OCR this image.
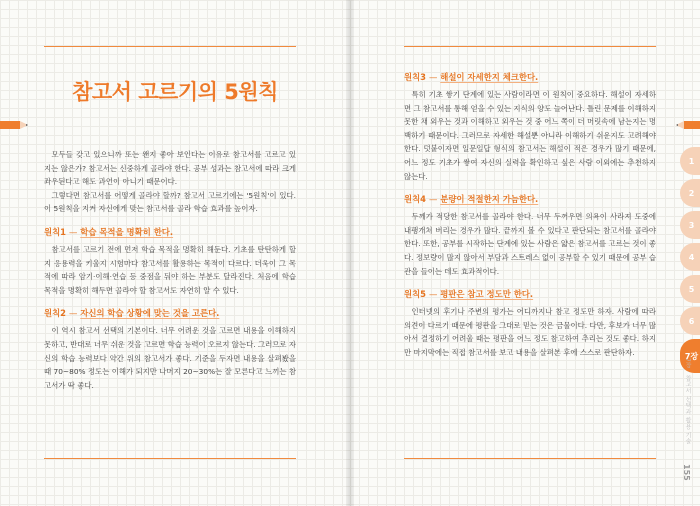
참고서 고르기의 5원칙

모두들 갖고 있으니까 또는 왠지 좋아 보인다는 이유로 참고서를 고르고 있지는 않은가? 참고서는 신중하게 골라야 한다. 공부 성과는 참고서에 따라 크게 좌우된다고 해도 과언이 아니기 때문이다.

그렇다면 참고서를 어떻게 골라야 할까? 참고서 고르기에는 '5원칙'이 있다. 이 5원칙을 지켜 자신에게 맞는 참고서를 골라 학습 효과를 높이자.

원칙1 — 학습 목적을 명확히 한다.

참고서를 고르기 전에 먼저 학습 목적을 명확히 해둔다. 기초를 탄탄하게 할지 응용력을 키울지 시험마다 참고서를 활용하는 목적이 다르다. 더욱이 그 목적에 따라 암기·이해·연습 등 중점을 둬야 하는 부분도 달라진다. 처음에 학습 목적을 명확히 해두면 골라야 할 참고서도 자연히 알 수 있다.

원칙2 — 자신의 학습 상황에 맞는 것을 고른다.

이 역시 참고서 선택의 기본이다. 너무 어려운 것을 고르면 내용을 이해하지 못하고, 반대로 너무 쉬운 것을 고르면 학습 능력이 오르지 않는다. 그러므로 자신의 학습 능력보다 약간 위의 참고서가 좋다. 기준을 두자면 내용을 살펴봤을 때 70~80% 정도는 이해가 되지만 나머지 20~30%는 잘 모른다고 느끼는 참고서가 딱 좋다.

원칙3 — 해설이 자세한지 체크한다.

특히 기초 쌓기 단계에 있는 사람이라면 이 원칙이 중요하다. 해설이 자세하면 그 참고서를 통해 얻을 수 있는 지식의 양도 늘어난다. 틀린 문제를 이해하지 못한 채 외우는 것과 이해하고 외우는 것 중 어느 쪽이 더 머릿속에 남는지는 명백하기 때문이다. 그러므로 자세한 해설뿐 아니라 이해하기 쉬운지도 고려해야 한다. 덧붙이자면 일문일답 형식의 참고서는 해설이 적은 경우가 많기 때문에, 어느 정도 기초가 쌓여 자신의 실력을 확인하고 싶은 사람 이외에는 추천하지 않는다.

원칙4 — 분량이 적절한지 가늠한다.

두께가 적당한 참고서를 골라야 한다. 너무 두꺼우면 의욕이 사라져 도중에 내팽개쳐 버리는 경우가 많다. 끝까지 볼 수 있다고 판단되는 참고서를 골라야 한다. 또한, 공부를 시작하는 단계에 있는 사람은 얇은 참고서를 고르는 것이 좋다. 정보량이 많지 않아서 부담과 스트레스 없이 공부할 수 있기 때문에 공부 습관을 들이는 데도 효과적이다.

원칙5 — 평판은 참고 정도만 한다.

인터넷의 후기나 주변의 평가는 어디까지나 참고 정도만 하자. 사람에 따라 의견이 다르기 때문에 평판을 그대로 믿는 것은 금물이다. 다만, 후보가 너무 많아서 결정하기 어려울 때는 평판을 어느 정도 참고하여 추리는 것도 좋다. 하지만 마지막에는 직접 참고서를 보고 내용을 살펴본 후에 스스로 판단하자.

1
2
3
4
5
6
7장
7장 · 참고서 선택과 활용 기술
155
